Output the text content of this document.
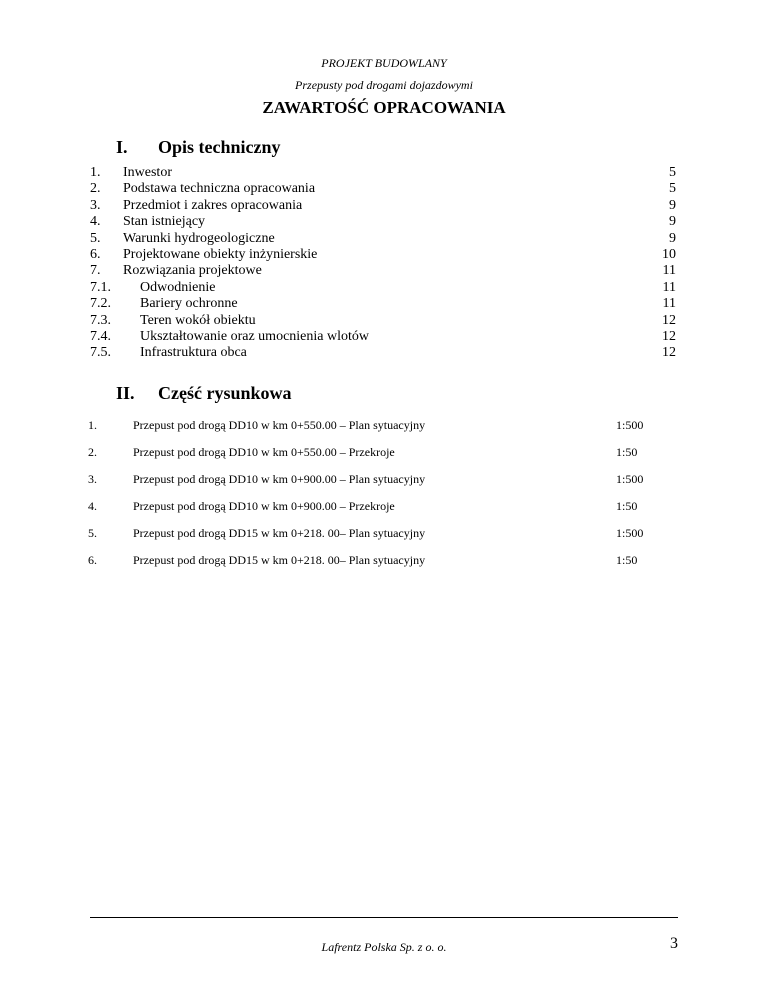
PROJEKT BUDOWLANY
Przepusty pod drogami dojazdowymi
ZAWARTOŚĆ OPRACOWANIA
I. Opis techniczny
1. Inwestor	5
2. Podstawa techniczna opracowania	5
3. Przedmiot i zakres opracowania	9
4. Stan istniejący	9
5. Warunki hydrogeologiczne	9
6. Projektowane obiekty inżynierskie	10
7. Rozwiązania projektowe	11
7.1. Odwodnienie	11
7.2. Bariery ochronne	11
7.3. Teren wokół obiektu	12
7.4. Ukształtowanie oraz umocnienia wlotów	12
7.5. Infrastruktura obca	12
II. Część rysunkowa
1.	Przepust pod drogą DD10 w km 0+550.00 – Plan sytuacyjny	1:500
2.	Przepust pod drogą DD10 w km 0+550.00 – Przekroje	1:50
3.	Przepust pod drogą DD10 w km 0+900.00 – Plan sytuacyjny	1:500
4.	Przepust pod drogą DD10 w km 0+900.00 – Przekroje	1:50
5.	Przepust pod drogą DD15 w km 0+218. 00– Plan sytuacyjny	1:500
6.	Przepust pod drogą DD15 w km 0+218. 00– Plan sytuacyjny	1:50
Lafrentz Polska Sp. z o. o.	3
